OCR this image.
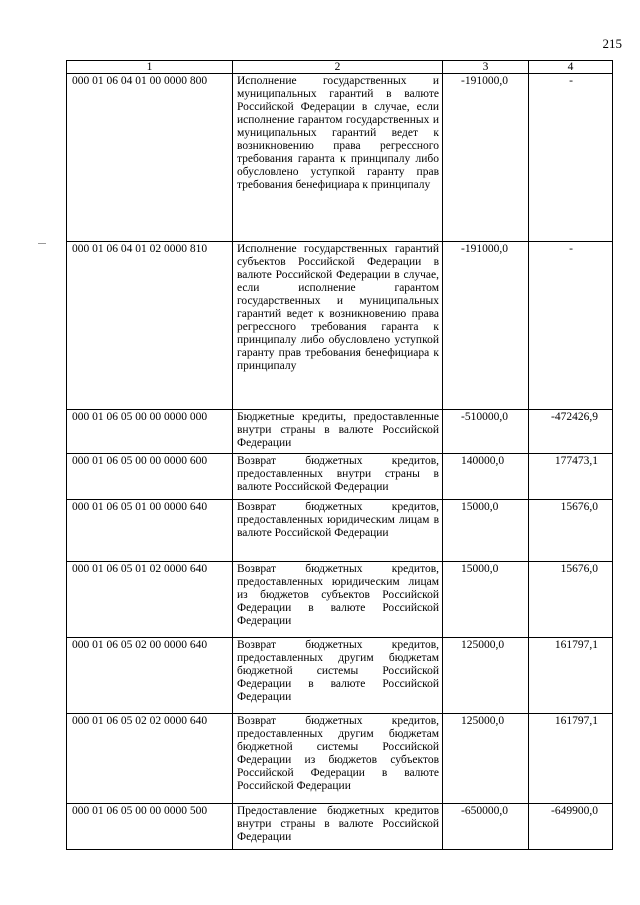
215
1	2	3	4
000 01 06 04 01 00 0000 800	Исполнение государственных и муниципальных гарантий в валюте Российской Федерации в случае, если исполнение гарантом государственных и муниципальных гарантий ведет к возникновению права регрессного требования гаранта к принципалу либо обусловлено уступкой гаранту прав требования бенефициара к принципалу	-191000,0	-
000 01 06 04 01 02 0000 810	Исполнение государственных гарантий субъектов Российской Федерации в валюте Российской Федерации в случае, если исполнение гарантом государственных и муниципальных гарантий ведет к возникновению права регрессного требования гаранта к принципалу либо обусловлено уступкой гаранту прав требования бенефициара к принципалу	-191000,0	-
000 01 06 05 00 00 0000 000	Бюджетные кредиты, предоставленные внутри страны в валюте Российской Федерации	-510000,0	-472426,9
000 01 06 05 00 00 0000 600	Возврат бюджетных кредитов, предоставленных внутри страны в валюте Российской Федерации	140000,0	177473,1
000 01 06 05 01 00 0000 640	Возврат бюджетных кредитов, предоставленных юридическим лицам в валюте Российской Федерации	15000,0	15676,0
000 01 06 05 01 02 0000 640	Возврат бюджетных кредитов, предоставленных юридическим лицам из бюджетов субъектов Российской Федерации в валюте Российской Федерации	15000,0	15676,0
000 01 06 05 02 00 0000 640	Возврат бюджетных кредитов, предоставленных другим бюджетам бюджетной системы Российской Федерации в валюте Российской Федерации	125000,0	161797,1
000 01 06 05 02 02 0000 640	Возврат бюджетных кредитов, предоставленных другим бюджетам бюджетной системы Российской Федерации из бюджетов субъектов Российской Федерации в валюте Российской Федерации	125000,0	161797,1
000 01 06 05 00 00 0000 500	Предоставление бюджетных кредитов внутри страны в валюте Российской Федерации	-650000,0	-649900,0
